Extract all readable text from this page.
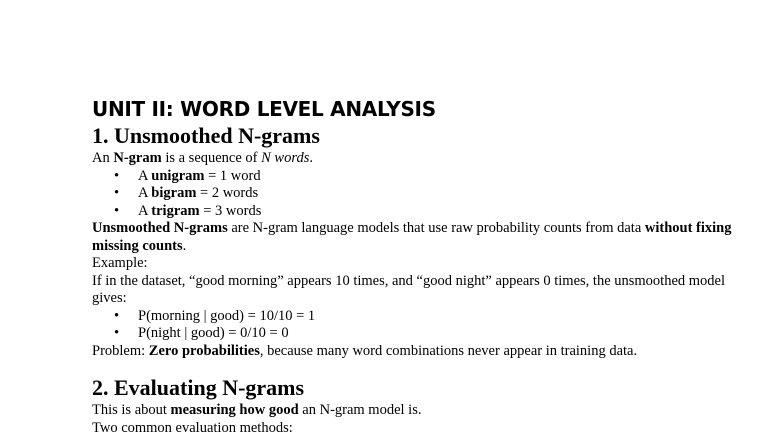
UNIT II: WORD LEVEL ANALYSIS
1. Unsmoothed N-grams

An N-gram is a sequence of N words.

• A unigram = 1 word
• A bigram = 2 words
• A trigram = 3 words

Unsmoothed N-grams are N-gram language models that use raw probability counts from data without fixing missing counts.

Example:

If in the dataset, “good morning” appears 10 times, and “good night” appears 0 times, the unsmoothed model gives:

• P(morning | good) = 10/10 = 1
• P(night | good) = 0/10 = 0

Problem: Zero probabilities, because many word combinations never appear in training data.

2. Evaluating N-grams

This is about measuring how good an N-gram model is.

Two common evaluation methods:
